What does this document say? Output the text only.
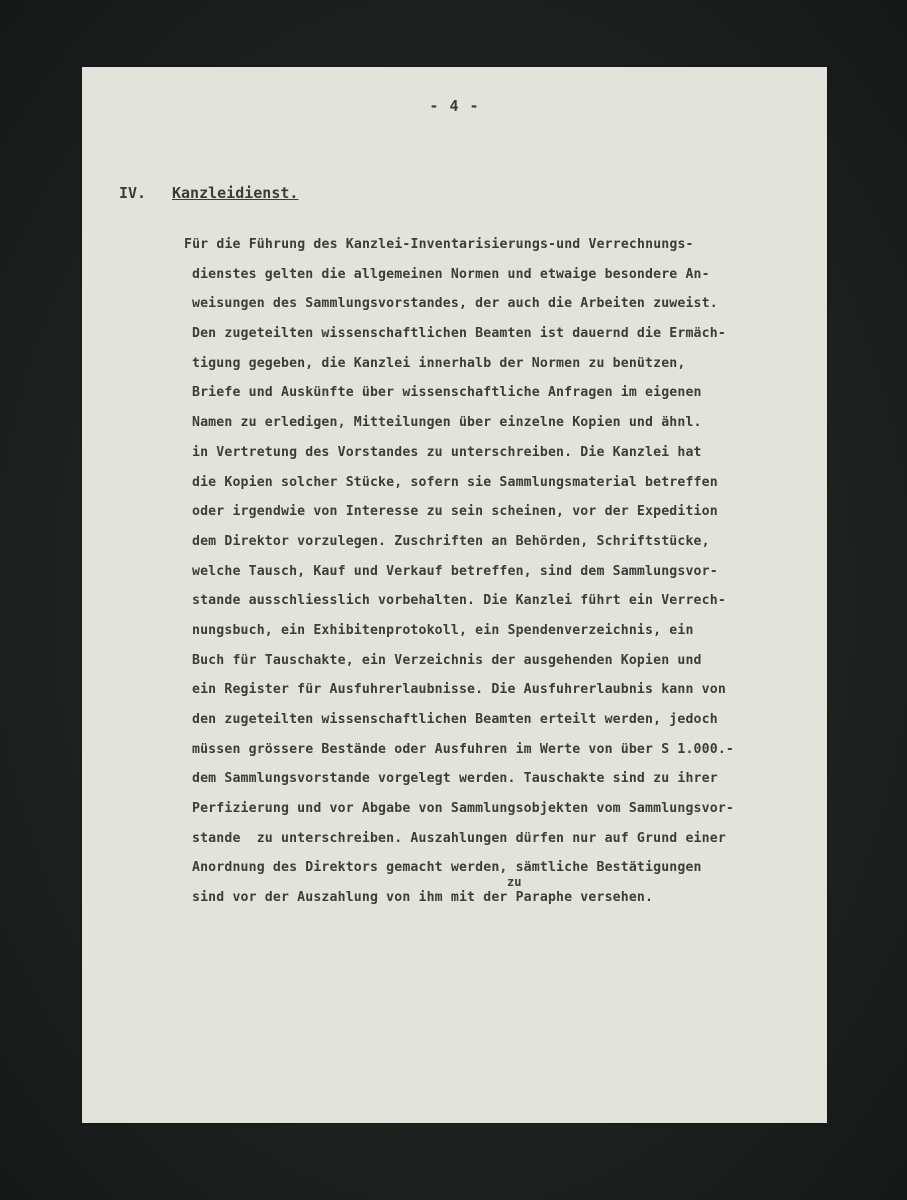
- 4 -
IV. Kanzleidienst.
Für die Führung des Kanzlei-Inventarisierungs-und Verrechnungs-
dienstes gelten die allgemeinen Normen und etwaige besondere An-
weisungen des Sammlungsvorstandes, der auch die Arbeiten zuweist.
Den zugeteilten wissenschaftlichen Beamten ist dauernd die Ermäch-
tigung gegeben, die Kanzlei innerhalb der Normen zu benützen,
Briefe und Auskünfte über wissenschaftliche Anfragen im eigenen
Namen zu erledigen, Mitteilungen über einzelne Kopien und ähnl.
in Vertretung des Vorstandes zu unterschreiben. Die Kanzlei hat
die Kopien solcher Stücke, sofern sie Sammlungsmaterial betreffen
oder irgendwie von Interesse zu sein scheinen, vor der Expedition
dem Direktor vorzulegen. Zuschriften an Behörden, Schriftstücke,
welche Tausch, Kauf und Verkauf betreffen, sind dem Sammlungsvor-
stande ausschliesslich vorbehalten. Die Kanzlei führt ein Verrech-
nungsbuch, ein Exhibitenprotokoll, ein Spendenverzeichnis, ein
Buch für Tauschakte, ein Verzeichnis der ausgehenden Kopien und
ein Register für Ausfuhrerlaubnisse. Die Ausfuhrerlaubnis kann von
den zugeteilten wissenschaftlichen Beamten erteilt werden, jedoch
müssen grössere Bestände oder Ausfuhren im Werte von über S 1.000.-
dem Sammlungsvorstande vorgelegt werden. Tauschakte sind zu ihrer
Perfizierung und vor Abgabe von Sammlungsobjekten vom Sammlungsvor-
stande  zu unterschreiben. Auszahlungen dürfen nur auf Grund einer
Anordnung des Direktors gemacht werden, sämtliche Bestätigungen
sind vor der Auszahlung von ihm mit der Paraphe versehen.
zu
